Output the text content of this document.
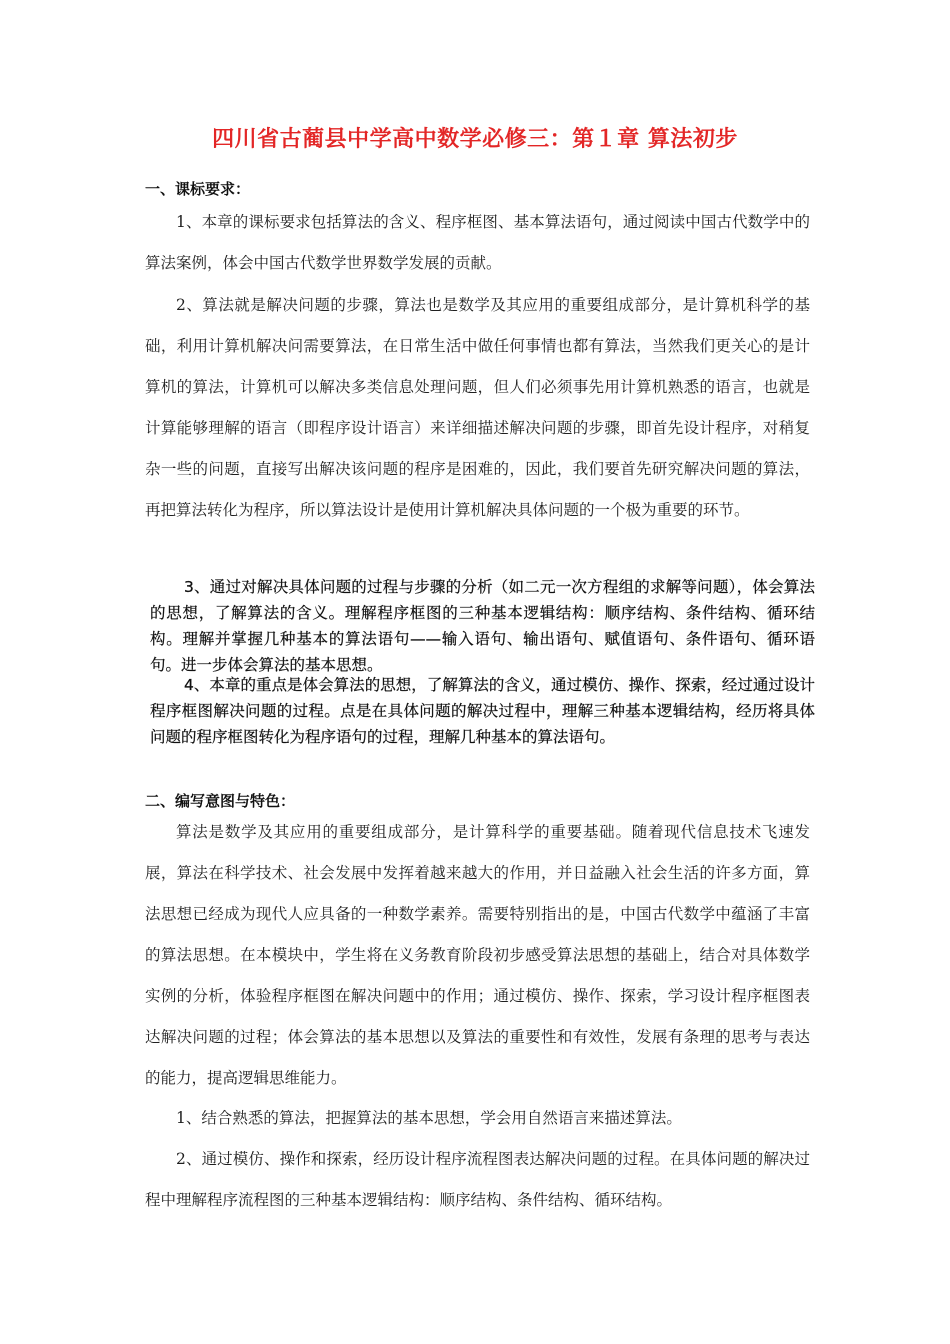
四川省古蔺县中学高中数学必修三：第１章 算法初步
一、课标要求：

1、本章的课标要求包括算法的含义、程序框图、基本算法语句，通过阅读中国古代数学中的算法案例，体会中国古代数学世界数学发展的贡献。

2、算法就是解决问题的步骤，算法也是数学及其应用的重要组成部分，是计算机科学的基础，利用计算机解决问需要算法，在日常生活中做任何事情也都有算法，当然我们更关心的是计算机的算法，计算机可以解决多类信息处理问题，但人们必须事先用计算机熟悉的语言，也就是计算能够理解的语言（即程序设计语言）来详细描述解决问题的步骤，即首先设计程序，对稍复杂一些的问题，直接写出解决该问题的程序是困难的，因此，我们要首先研究解决问题的算法，再把算法转化为程序，所以算法设计是使用计算机解决具体问题的一个极为重要的环节。

3、通过对解决具体问题的过程与步骤的分析（如二元一次方程组的求解等问题），体会算法的思想，了解算法的含义。理解程序框图的三种基本逻辑结构：顺序结构、条件结构、循环结构。理解并掌握几种基本的算法语句——输入语句、输出语句、赋值语句、条件语句、循环语句。进一步体会算法的基本思想。

4、本章的重点是体会算法的思想，了解算法的含义，通过模仿、操作、探索，经过通过设计程序框图解决问题的过程。点是在具体问题的解决过程中，理解三种基本逻辑结构，经历将具体问题的程序框图转化为程序语句的过程，理解几种基本的算法语句。

二、编写意图与特色：

算法是数学及其应用的重要组成部分，是计算科学的重要基础。随着现代信息技术飞速发展，算法在科学技术、社会发展中发挥着越来越大的作用，并日益融入社会生活的许多方面，算法思想已经成为现代人应具备的一种数学素养。需要特别指出的是，中国古代数学中蕴涵了丰富的算法思想。在本模块中，学生将在义务教育阶段初步感受算法思想的基础上，结合对具体数学实例的分析，体验程序框图在解决问题中的作用；通过模仿、操作、探索，学习设计程序框图表达解决问题的过程；体会算法的基本思想以及算法的重要性和有效性，发展有条理的思考与表达的能力，提高逻辑思维能力。

1、结合熟悉的算法，把握算法的基本思想，学会用自然语言来描述算法。

2、通过模仿、操作和探索，经历设计程序流程图表达解决问题的过程。在具体问题的解决过程中理解程序流程图的三种基本逻辑结构：顺序结构、条件结构、循环结构。
